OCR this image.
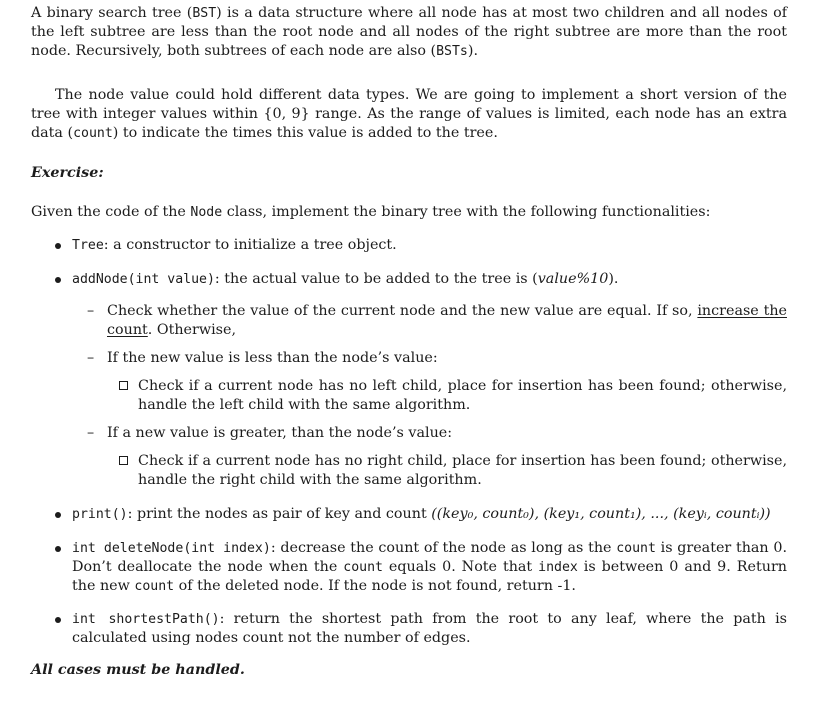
A binary search tree (BST) is a data structure where all node has at most two children and all nodes of the left subtree are less than the root node and all nodes of the right subtree are more than the root node. Recursively, both subtrees of each node are also (BSTs).

The node value could hold different data types. We are going to implement a short version of the tree with integer values within {0, 9} range. As the range of values is limited, each node has an extra data (count) to indicate the times this value is added to the tree.

Exercise:

Given the code of the Node class, implement the binary tree with the following functionalities:

Tree: a constructor to initialize a tree object.
addNode(int value): the actual value to be added to the tree is (value%10).
– Check whether the value of the current node and the new value are equal. If so, increase the count. Otherwise,
– If the new value is less than the node’s value:
Check if a current node has no left child, place for insertion has been found; otherwise, handle the left child with the same algorithm.
– If a new value is greater, than the node’s value:
Check if a current node has no right child, place for insertion has been found; otherwise, handle the right child with the same algorithm.
print(): print the nodes as pair of key and count ((key₀, count₀), (key₁, count₁), ..., (keyᵢ, countᵢ))
int deleteNode(int index): decrease the count of the node as long as the count is greater than 0. Don’t deallocate the node when the count equals 0. Note that index is between 0 and 9. Return the new count of the deleted node. If the node is not found, return -1.
int shortestPath(): return the shortest path from the root to any leaf, where the path is calculated using nodes count not the number of edges.

All cases must be handled.
